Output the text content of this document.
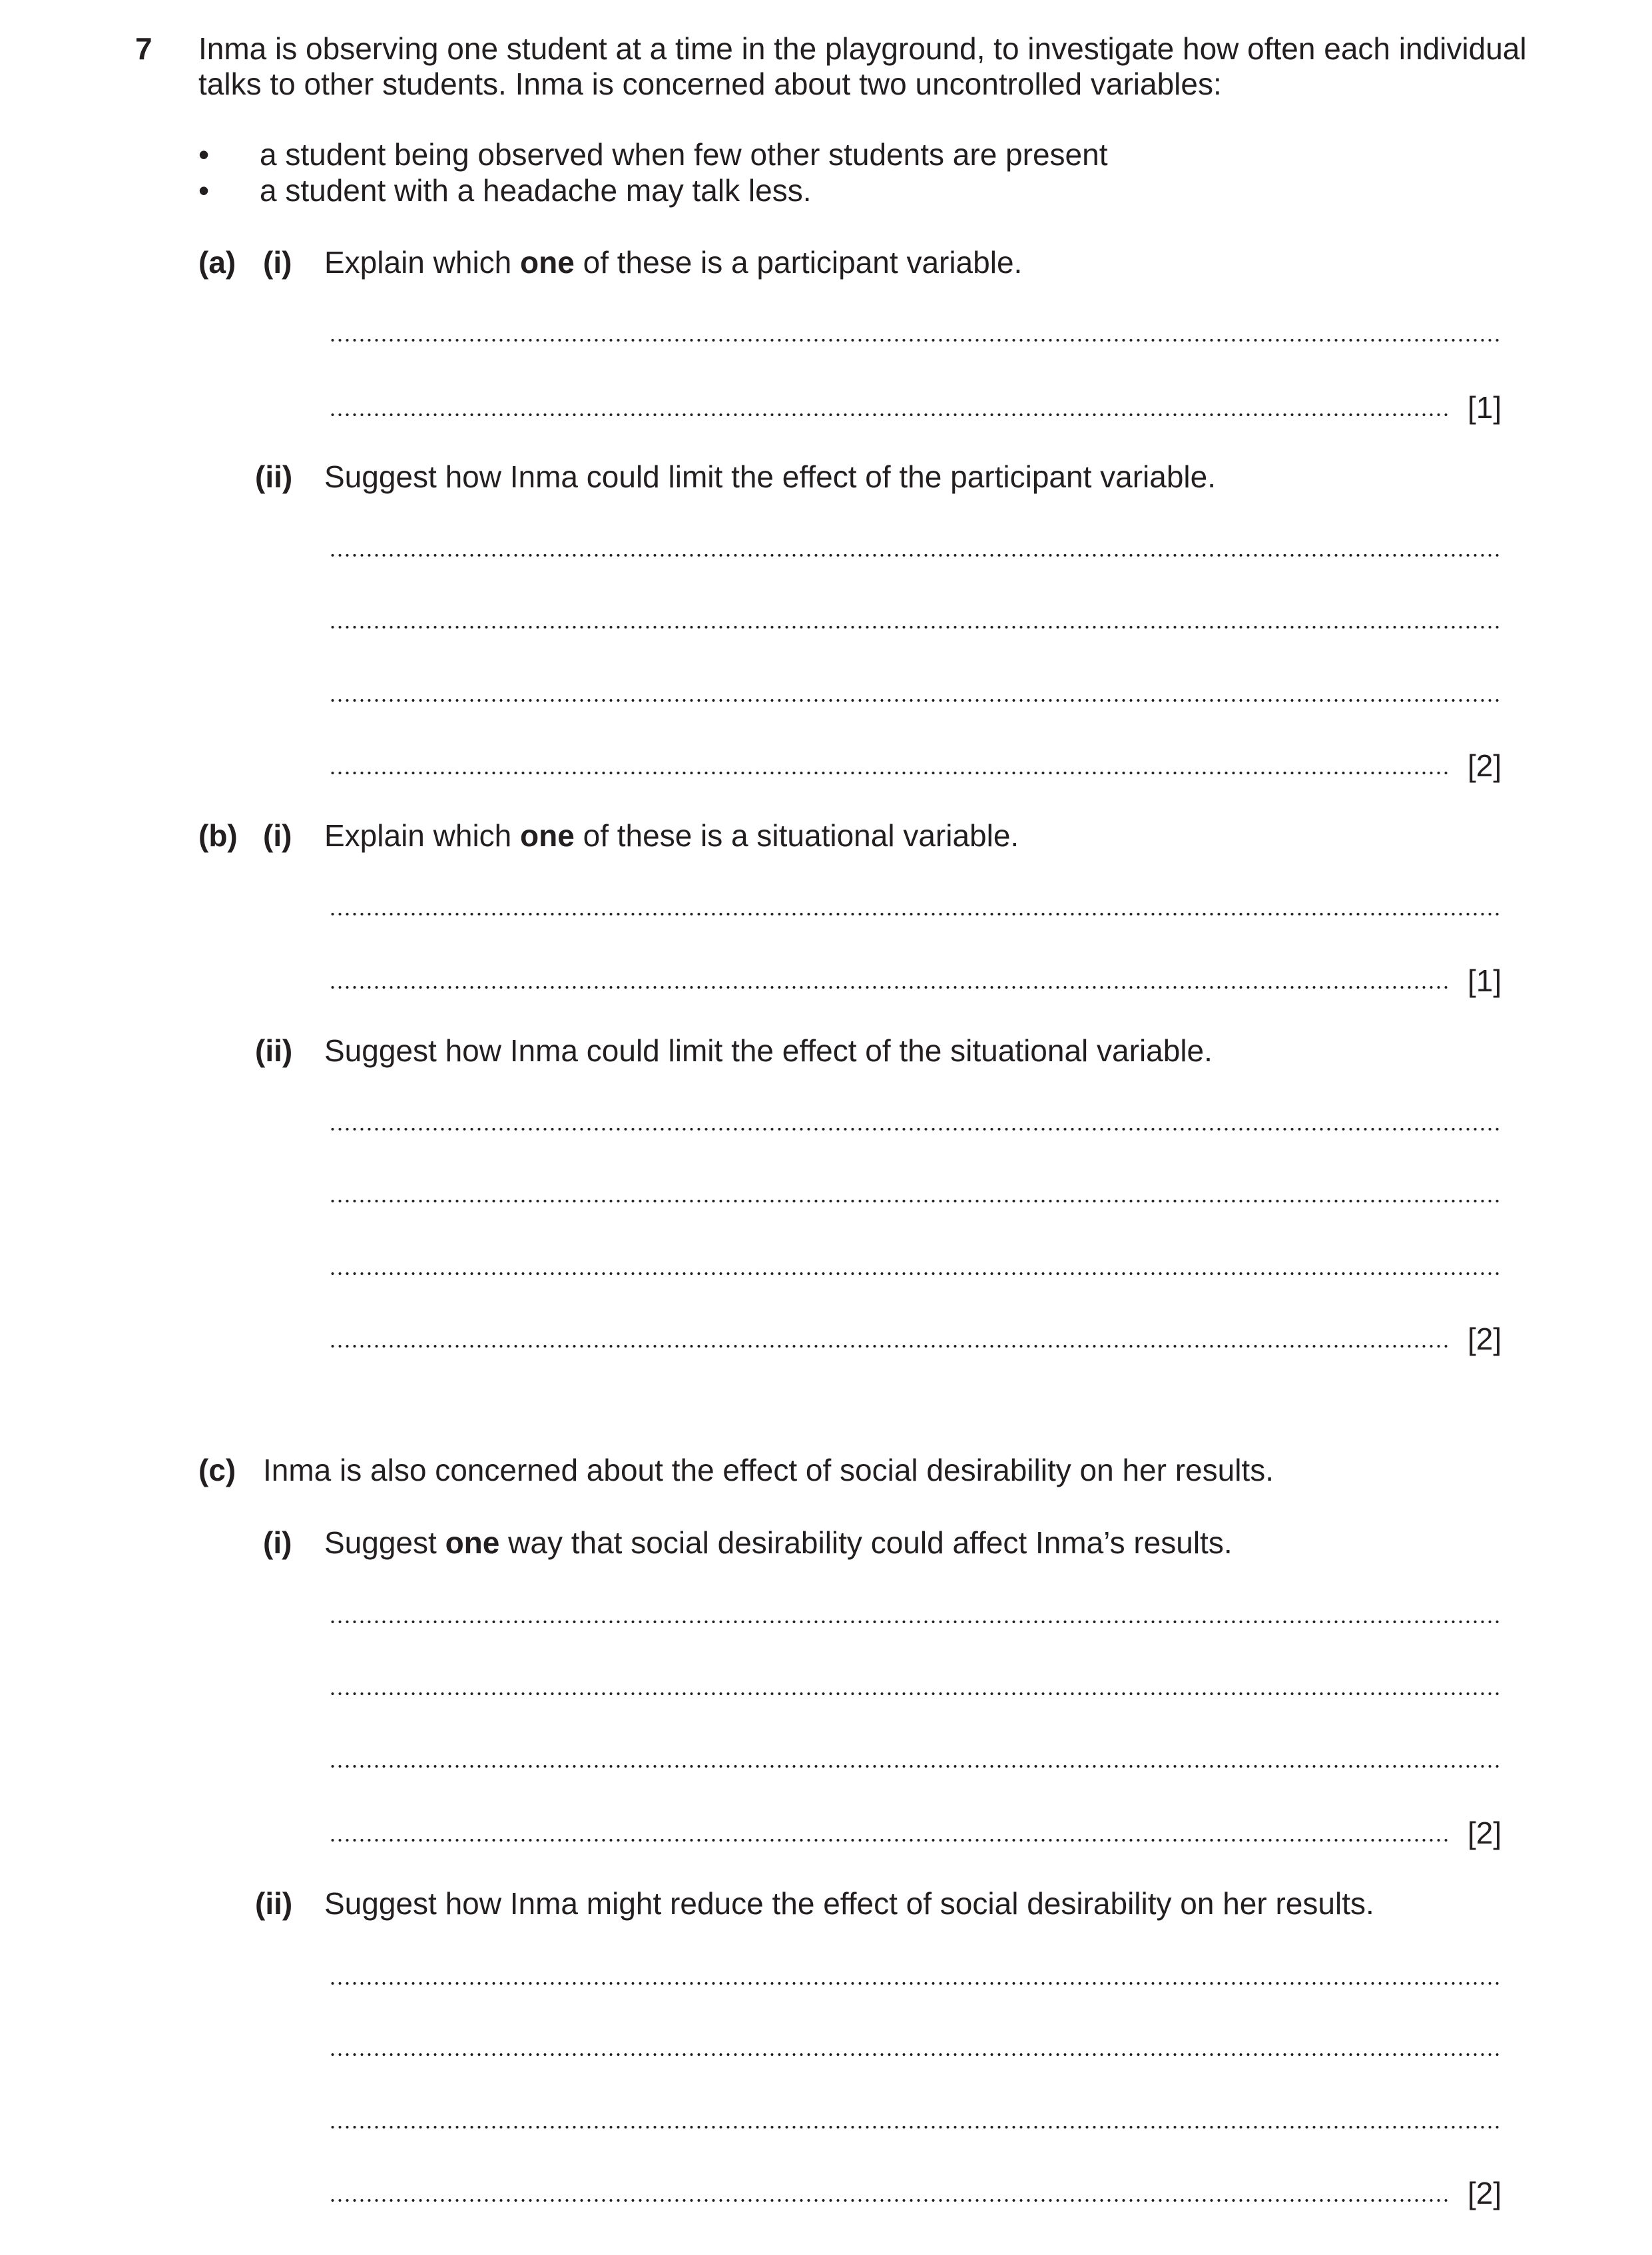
7 Inma is observing one student at a time in the playground, to investigate how often each individual
talks to other students. Inma is concerned about two uncontrolled variables:
• a student being observed when few other students are present
• a student with a headache may talk less.
(a) (i) Explain which one of these is a participant variable.
[1]
(ii) Suggest how Inma could limit the effect of the participant variable.
[2]
(b) (i) Explain which one of these is a situational variable.
[1]
(ii) Suggest how Inma could limit the effect of the situational variable.
[2]
(c) Inma is also concerned about the effect of social desirability on her results.
(i) Suggest one way that social desirability could affect Inma’s results.
[2]
(ii) Suggest how Inma might reduce the effect of social desirability on her results.
[2]
